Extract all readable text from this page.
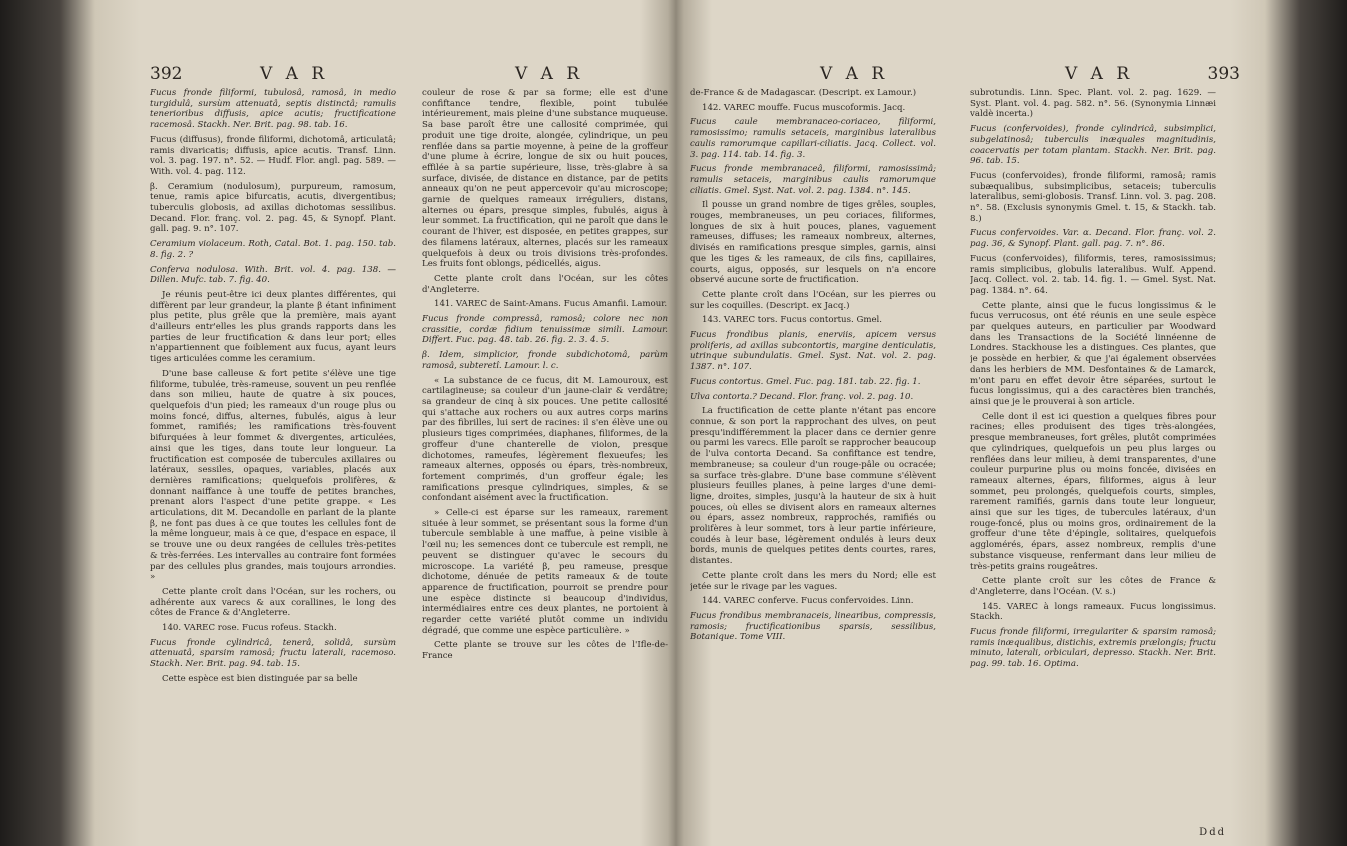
392	V A R	V A R

Fucus fronde filiformi, tubulosâ, ramosâ, in medio turgidulâ, sursùm attenuatâ, septis distinctâ; ramulis tenerioribus diffusis, apice acutis; fructificatione racemosâ. Stackh. Ner. Brit. pag. 98. tab. 16.

Fucus (diffusus), fronde filiformi, dichotomâ, articulatâ; ramis divaricatis; diffusis, apice acutis. Transf. Linn. vol. 3. pag. 197. n°. 52. — Hudf. Flor. angl. pag. 589. — With. vol. 4. pag. 112.

β. Ceramium (nodulosum), purpureum, ramosum, tenue, ramis apice bifurcatis, acutis, divergentibus; tuberculis globosis, ad axillas dichotomas sessilibus. Decand. Flor. franç. vol. 2. pag. 45, & Synopf. Plant. gall. pag. 9. n°. 107.

Ceramium violaceum. Roth, Catal. Bot. 1. pag. 150. tab. 8. fig. 2. ?

Conferva nodulosa. With. Brit. vol. 4. pag. 138. — Dillen. Mufc. tab. 7. fig. 40.

Je réunis peut-être ici deux plantes différentes, qui diffèrent par leur grandeur, la plante β étant infiniment plus petite, plus grêle que la première, mais ayant d'ailleurs entr'elles les plus grands rapports dans les parties de leur fructification & dans leur port; elles n'appartiennent que foiblement aux fucus, ayant leurs tiges articulées comme les ceramium.

D'une base calleuse & fort petite s'élève une tige filiforme, tubulée, très-rameuse, souvent un peu renflée dans son milieu, haute de quatre à six pouces, quelquefois d'un pied; les rameaux d'un rouge plus ou moins foncé, diffus, alternes, fubulés, aigus à leur fommet, ramifiés; les ramifications très-fouvent bifurquées à leur fommet & divergentes, articulées, ainsi que les tiges, dans toute leur longueur. La fructification est composée de tubercules axillaires ou latéraux, sessiles, opaques, variables, placés aux dernières ramifications; quelquefois prolifères, & donnant naiffance à une touffe de petites branches, prenant alors l'aspect d'une petite grappe. « Les articulations, dit M. Decandolle en parlant de la plante β, ne font pas dues à ce que toutes les cellules font de la même longueur, mais à ce que, d'espace en espace, il se trouve une ou deux rangées de cellules très-petites & très-ferrées. Les intervalles au contraire font formées par des cellules plus grandes, mais toujours arrondies. »

Cette plante croît dans l'Océan, sur les rochers, ou adhérente aux varecs & aux corallines, le long des côtes de France & d'Angleterre.

140. VAREC rose. Fucus rofeus. Stackh.

Fucus fronde cylindricâ, tenerâ, solidâ, sursùm attenuatâ, sparsim ramosâ; fructu laterali, racemoso. Stackh. Ner. Brit. pag. 94. tab. 15.

Cette espèce est bien distinguée par sa belle

couleur de rose & par sa forme; elle est d'une confiftance tendre, flexible, point tubulée intérieurement, mais pleine d'une substance muqueuse. Sa base paroît être une callosité comprimée, qui produit une tige droite, alongée, cylindrique, un peu renflée dans sa partie moyenne, à peine de la groffeur d'une plume à écrire, longue de six ou huit pouces, effilée à sa partie supérieure, lisse, très-glabre à sa surface, divisée, de distance en distance, par de petits anneaux qu'on ne peut appercevoir qu'au microscope; garnie de quelques rameaux irréguliers, distans, alternes ou épars, presque simples, fubulés, aigus à leur sommet. La fructification, qui ne paroît que dans le courant de l'hiver, est disposée, en petites grappes, sur des filamens latéraux, alternes, placés sur les rameaux quelquefois à deux ou trois divisions très-profondes. Les fruits font oblongs, pédicellés, aigus.

Cette plante croît dans l'Océan, sur les côtes d'Angleterre.

141. VAREC de Saint-Amans. Fucus Amanfii. Lamour.

Fucus fronde compressâ, ramosâ; colore nec non crassitie, cordæ fidium tenuissimæ simili. Lamour. Differt. Fuc. pag. 48. tab. 26. fig. 2. 3. 4. 5.

β. Idem, simplicior, fronde subdichotomâ, parùm ramosâ, subteretî. Lamour. l. c.

« La substance de ce fucus, dit M. Lamouroux, est cartilagineuse; sa couleur d'un jaune-clair & verdâtre; sa grandeur de cinq à six pouces. Une petite callosité qui s'attache aux rochers ou aux autres corps marins par des fibrilles, lui sert de racines: il s'en élève une ou plusieurs tiges comprimées, diaphanes, filiformes, de la groffeur d'une chanterelle de violon, presque dichotomes, rameufes, légèrement flexueufes; les rameaux alternes, opposés ou épars, très-nombreux, fortement comprimés, d'un groffeur égale; les ramifications presque cylindriques, simples, & se confondant aisément avec la fructification.

» Celle-ci est éparse sur les rameaux, rarement située à leur sommet, se présentant sous la forme d'un tubercule semblable à une maffue, à peine visible à l'œil nu; les semences dont ce tubercule est rempli, ne peuvent se distinguer qu'avec le secours du microscope. La variété β, peu rameuse, presque dichotome, dénuée de petits rameaux & de toute apparence de fructification, pourroit se prendre pour une espèce distincte si beaucoup d'individus, intermédiaires entre ces deux plantes, ne portoient à regarder cette variété plutôt comme un individu dégradé, que comme une espèce particulière. »

Cette plante se trouve sur les côtes de l'Ifle-de-France

V A R	V A R	393

de-France & de Madagascar. (Descript. ex Lamour.)

142. VAREC mouffe. Fucus muscoformis. Jacq.

Fucus caule membranaceo-coriaceo, filiformi, ramosissimo; ramulis setaceis, marginibus lateralibus caulis ramorumque capillari-ciliatis. Jacq. Collect. vol. 3. pag. 114. tab. 14. fig. 3.

Fucus fronde membranaceâ, filiformi, ramosissimâ; ramulis setaceis, marginibus caulis ramorumque ciliatis. Gmel. Syst. Nat. vol. 2. pag. 1384. n°. 145.

Il pousse un grand nombre de tiges grêles, souples, rouges, membraneuses, un peu coriaces, filiformes, longues de six à huit pouces, planes, vaguement rameuses, diffuses; les rameaux nombreux, alternes, divisés en ramifications presque simples, garnis, ainsi que les tiges & les rameaux, de cils fins, capillaires, courts, aigus, opposés, sur lesquels on n'a encore observé aucune sorte de fructification.

Cette plante croît dans l'Océan, sur les pierres ou sur les coquilles. (Descript. ex Jacq.)

143. VAREC tors. Fucus contortus. Gmel.

Fucus frondibus planis, enerviis, apicem versus proliferis, ad axillas subcontortis, margine denticulatis, utrinque subundulatis. Gmel. Syst. Nat. vol. 2. pag. 1387. n°. 107.

Fucus contortus. Gmel. Fuc. pag. 181. tab. 22. fig. 1.

Ulva contorta.? Decand. Flor. franç. vol. 2. pag. 10.

La fructification de cette plante n'étant pas encore connue, & son port la rapprochant des ulves, on peut presqu'indifféremment la placer dans ce dernier genre ou parmi les varecs. Elle paroît se rapprocher beaucoup de l'ulva contorta Decand. Sa confiftance est tendre, membraneuse; sa couleur d'un rouge-pâle ou ocracée; sa surface très-glabre. D'une base commune s'élèvent plusieurs feuilles planes, à peine larges d'une demi-ligne, droites, simples, jusqu'à la hauteur de six à huit pouces, où elles se divisent alors en rameaux alternes ou épars, assez nombreux, rapprochés, ramifiés ou prolifères à leur sommet, tors à leur partie inférieure, coudés à leur base, légèrement ondulés à leurs deux bords, munis de quelques petites dents courtes, rares, distantes.

Cette plante croît dans les mers du Nord; elle est jetée sur le rivage par les vagues.

144. VAREC conferve. Fucus confervoides. Linn.

Fucus frondibus membranaceis, linearibus, compressis, ramosis; fructificationibus sparsis, sessilibus, Botanique. Tome VIII.

subrotundis. Linn. Spec. Plant. vol. 2. pag. 1629. — Syst. Plant. vol. 4. pag. 582. n°. 56. (Synonymia Linnæi valdè incerta.)

Fucus (confervoides), fronde cylindricâ, subsimplici, subgelatinosâ; tuberculis inæquales magnitudinis, coacervatis per totam plantam. Stackh. Ner. Brit. pag. 96. tab. 15.

Fucus (confervoides), fronde filiformi, ramosâ; ramis subæqualibus, subsimplicibus, setaceis; tuberculis lateralibus, semi-globosis. Transf. Linn. vol. 3. pag. 208. n°. 58. (Exclusis synonymis Gmel. t. 15, & Stackh. tab. 8.)

Fucus confervoides. Var. α. Decand. Flor. franç. vol. 2. pag. 36, & Synopf. Plant. gall. pag. 7. n°. 86.

Fucus (confervoides), filiformis, teres, ramosissimus; ramis simplicibus, globulis lateralibus. Wulf. Append. Jacq. Collect. vol. 2. tab. 14. fig. 1. — Gmel. Syst. Nat. pag. 1384. n°. 64.

Cette plante, ainsi que le fucus longissimus & le fucus verrucosus, ont été réunis en une seule espèce par quelques auteurs, en particulier par Woodward dans les Transactions de la Société linnéenne de Londres. Stackhouse les a distingues. Ces plantes, que je possède en herbier, & que j'ai également observées dans les herbiers de MM. Desfontaines & de Lamarck, m'ont paru en effet devoir être séparées, surtout le fucus longissimus, qui a des caractères bien tranchés, ainsi que je le prouverai à son article.

Celle dont il est ici question a quelques fibres pour racines; elles produisent des tiges très-alongées, presque membraneuses, fort grêles, plutôt comprimées que cylindriques, quelquefois un peu plus larges ou renflées dans leur milieu, à demi transparentes, d'une couleur purpurine plus ou moins foncée, divisées en rameaux alternes, épars, filiformes, aigus à leur sommet, peu prolongés, quelquefois courts, simples, rarement ramifiés, garnis dans toute leur longueur, ainsi que sur les tiges, de tubercules latéraux, d'un rouge-foncé, plus ou moins gros, ordinairement de la groffeur d'une tête d'épingle, solitaires, quelquefois agglomérés, épars, assez nombreux, remplis d'une substance visqueuse, renfermant dans leur milieu de très-petits grains rougeâtres.

Cette plante croît sur les côtes de France & d'Angleterre, dans l'Océan. (V. s.)

145. VAREC à longs rameaux. Fucus longissimus. Stackh.

Fucus fronde filiformi, irregulariter & sparsim ramosâ; ramis inæqualibus, distichis, extremis prælongis; fructu minuto, laterali, orbiculari, depresso. Stackh. Ner. Brit. pag. 99. tab. 16. Optima.

Ddd
